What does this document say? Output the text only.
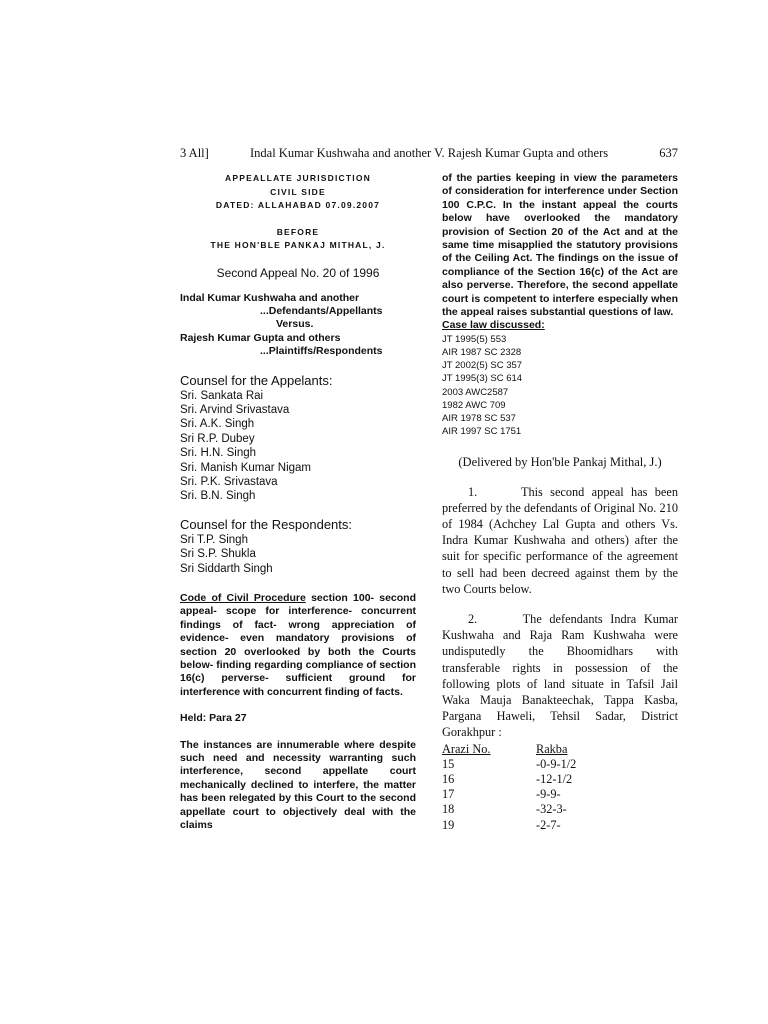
3 All]	Indal Kumar Kushwaha and another V. Rajesh Kumar Gupta and others	637
APPEALLATE JURISDICTION
CIVIL SIDE
DATED: ALLAHABAD 07.09.2007
BEFORE
THE HON'BLE PANKAJ MITHAL, J.
Second Appeal No. 20 of 1996
Indal Kumar Kushwaha and another
...Defendants/Appellants
Versus.
Rajesh Kumar Gupta and others
...Plaintiffs/Respondents
Counsel for the Appelants:
Sri. Sankata Rai
Sri. Arvind Srivastava
Sri. A.K. Singh
Sri R.P. Dubey
Sri. H.N. Singh
Sri. Manish Kumar Nigam
Sri. P.K. Srivastava
Sri. B.N. Singh
Counsel for the Respondents:
Sri T.P. Singh
Sri S.P. Shukla
Sri Siddarth Singh

Code of Civil Procedure section 100- second appeal- scope for interference- concurrent findings of fact- wrong appreciation of evidence- even mandatory provisions of section 20 overlooked by both the Courts below- finding regarding compliance of section 16(c) perverse- sufficient ground for interference with concurrent finding of facts.

Held: Para 27

The instances are innumerable where despite such need and necessity warranting such interference, second appellate court mechanically declined to interfere, the matter has been relegated by this Court to the second appellate court to objectively deal with the claims

of the parties keeping in view the parameters of consideration for interference under Section 100 C.P.C. In the instant appeal the courts below have overlooked the mandatory provision of Section 20 of the Act and at the same time misapplied the statutory provisions of the Ceiling Act. The findings on the issue of compliance of the Section 16(c) of the Act are also perverse. Therefore, the second appellate court is competent to interfere especially when the appeal raises substantial questions of law.

Case law discussed:
JT 1995(5) 553
AIR 1987 SC 2328
JT 2002(5) SC 357
JT 1995(3) SC 614
2003 AWC2587
1982 AWC 709
AIR 1978 SC 537
AIR 1997 SC 1751
(Delivered by Hon'ble Pankaj Mithal, J.)

1.      This second appeal has been preferred by the defendants of Original No. 210 of 1984 (Achchey Lal Gupta and others Vs. Indra Kumar Kushwaha and others) after the suit for specific performance of the agreement to sell had been decreed against them by the two Courts below.

2.      The defendants Indra Kumar Kushwaha and Raja Ram Kushwaha were undisputedly the Bhoomidhars with transferable rights in possession of the following plots of land situate in Tafsil Jail Waka Mauja Banakteechak, Tappa Kasba, Pargana Haweli, Tehsil Sadar, District Gorakhpur :

Arazi No.	Rakba
15	-0-9-1/2
16	-12-1/2
17	-9-9-
18	-32-3-
19	-2-7-
